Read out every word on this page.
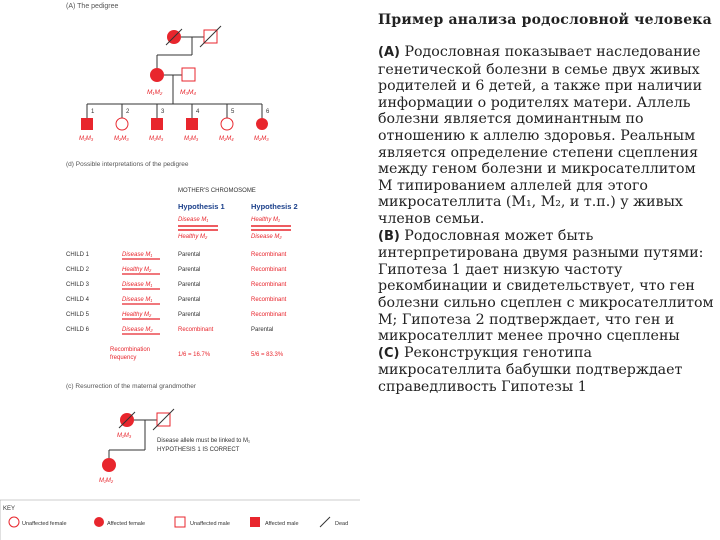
(A) The pedigree
M₁M₂	M₃M₄
1	2	3	4	5	6
M₁M₃	M₂M₃	M₁M₃	M₁M₃	M₂M₄	M₂M₃
(d) Possible interpretations of the pedigree
MOTHER'S CHROMOSOME
Hypothesis 1	Hypothesis 2
Disease M₁
Healthy M₂
Healthy M₁
Disease M₂
CHILD 1	Disease M₁	Parental	Recombinant
CHILD 2	Healthy M₂	Parental	Recombinant
CHILD 3	Disease M₁	Parental	Recombinant
CHILD 4	Disease M₁	Parental	Recombinant
CHILD 5	Healthy M₂	Parental	Recombinant
CHILD 6	Disease M₂	Recombinant	Parental
Recombination
frequency	1/6 = 16.7%	5/6 = 83.3%
(c) Resurrection of the maternal grandmother
M₁M₃
M₁M₂
Disease allele must be linked to M₁
HYPOTHESIS 1 IS CORRECT
KEY
Unaffected female	Affected female	Unaffected male	Affected male	Dead
Пример анализа родословной человека

(A) Родословная показывает наследование генетической болезни в семье двух живых родителей и 6 детей, а также при наличии информации о родителях матери. Аллель болезни является доминантным по отношению к аллелю здоровья. Реальным является определение степени сцепления между геном болезни и микросателлитом М типированием аллелей для этого микросателлита (M₁, M₂, и т.п.) у живых членов семьи.

(B) Родословная может быть интерпретирована двумя разными путями: Гипотеза 1 дает низкую частоту рекомбинации и свидетельствует, что ген болезни сильно сцеплен с микросателлитом M; Гипотеза 2 подтверждает, что ген и микросателлит менее прочно сцеплены

(C) Реконструкция генотипа микросателлита бабушки подтверждает справедливость Гипотезы 1
